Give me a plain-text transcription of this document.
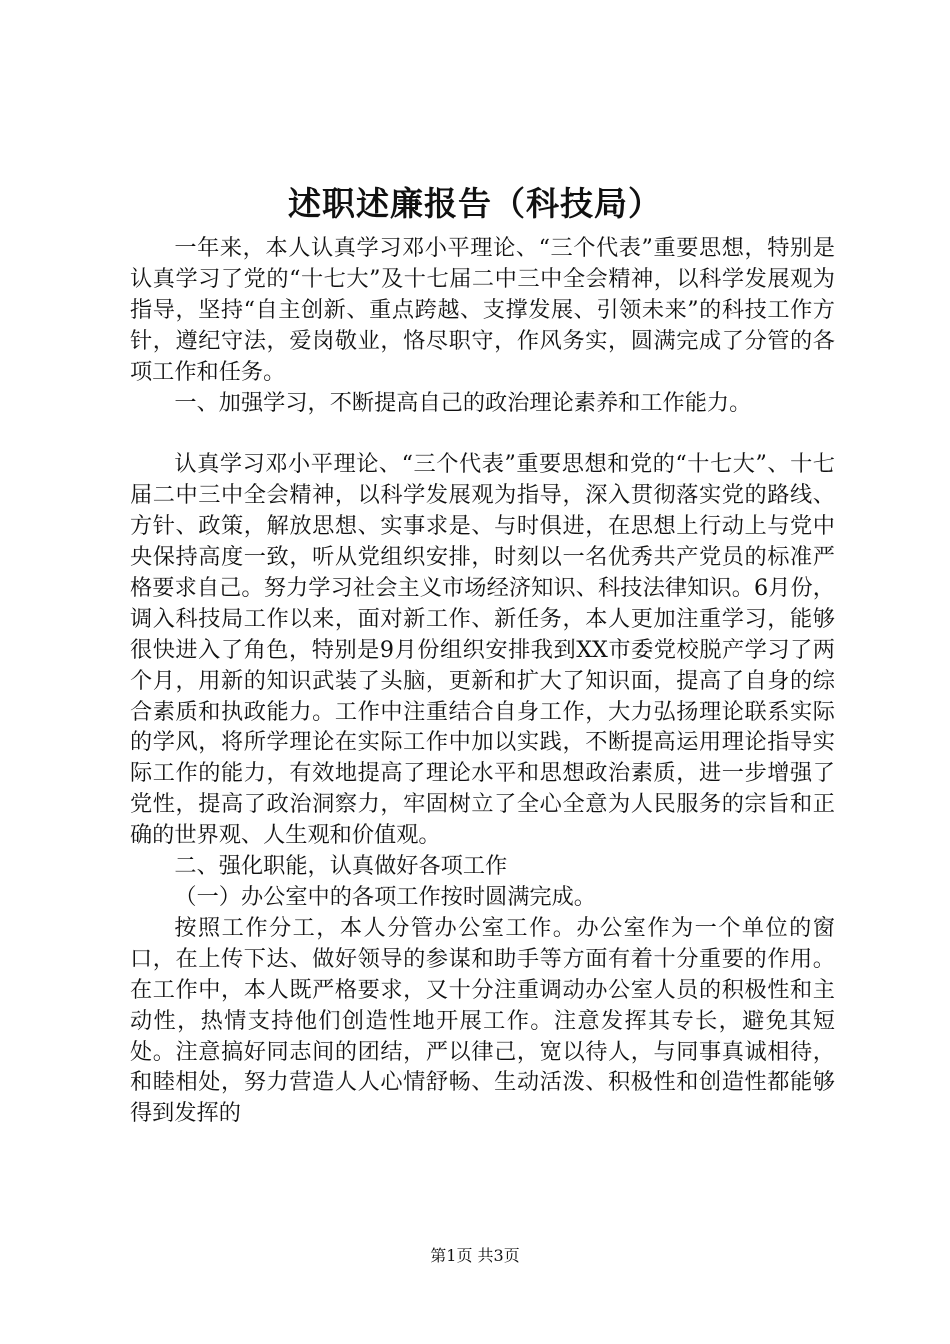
述职述廉报告（科技局）

一年来，本人认真学习邓小平理论、“三个代表”重要思想，特别是认真学习了党的“十七大”及十七届二中三中全会精神，以科学发展观为指导，坚持“自主创新、重点跨越、支撑发展、引领未来”的科技工作方针，遵纪守法，爱岗敬业，恪尽职守，作风务实，圆满完成了分管的各项工作和任务。

一、加强学习，不断提高自己的政治理论素养和工作能力。

认真学习邓小平理论、“三个代表”重要思想和党的“十七大”、十七届二中三中全会精神，以科学发展观为指导，深入贯彻落实党的路线、方针、政策，解放思想、实事求是、与时俱进，在思想上行动上与党中央保持高度一致，听从党组织安排，时刻以一名优秀共产党员的标准严格要求自己。努力学习社会主义市场经济知识、科技法律知识。6月份，调入科技局工作以来，面对新工作、新任务，本人更加注重学习，能够很快进入了角色，特别是9月份组织安排我到XX市委党校脱产学习了两个月，用新的知识武装了头脑，更新和扩大了知识面，提高了自身的综合素质和执政能力。工作中注重结合自身工作，大力弘扬理论联系实际的学风，将所学理论在实际工作中加以实践，不断提高运用理论指导实际工作的能力，有效地提高了理论水平和思想政治素质，进一步增强了党性，提高了政治洞察力，牢固树立了全心全意为人民服务的宗旨和正确的世界观、人生观和价值观。

二、强化职能，认真做好各项工作

（一）办公室中的各项工作按时圆满完成。

按照工作分工，本人分管办公室工作。办公室作为一个单位的窗口，在上传下达、做好领导的参谋和助手等方面有着十分重要的作用。在工作中，本人既严格要求，又十分注重调动办公室人员的积极性和主动性，热情支持他们创造性地开展工作。注意发挥其专长，避免其短处。注意搞好同志间的团结，严以律己，宽以待人，与同事真诚相待，和睦相处，努力营造人人心情舒畅、生动活泼、积极性和创造性都能够得到发挥的

第1页 共3页
